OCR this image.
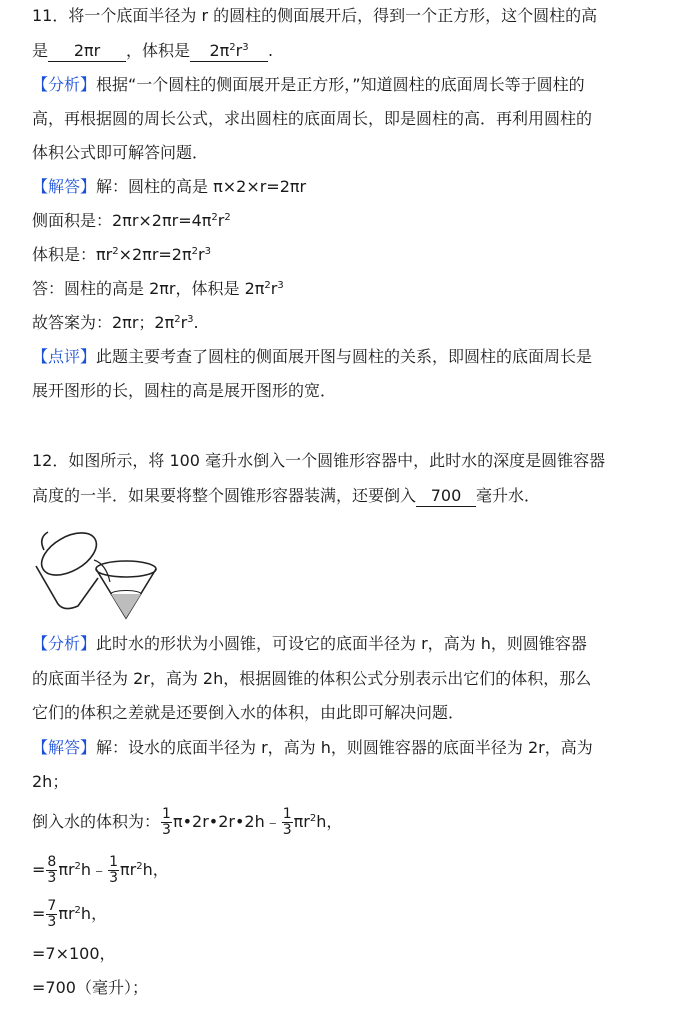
11．将一个底面半径为 r 的圆柱的侧面展开后，得到一个正方形，这个圆柱的高
是 2πr ，体积是 $2\pi^2r^3$ .
【分析】根据“一个圆柱的侧面展开是正方形，”知道圆柱的底面周长等于圆柱的
高，再根据圆的周长公式，求出圆柱的底面周长，即是圆柱的高．再利用圆柱的
体积公式即可解答问题．
【解答】解：圆柱的高是 π×2×r=2πr
侧面积是：$2\pi r\times 2\pi r=4\pi^2r^2$
体积是：$\pi r^2\times 2\pi r=2\pi^2r^3$
答：圆柱的高是 2πr，体积是 $2\pi^2r^3$
故答案为：2πr；$2\pi^2r^3$.
【点评】此题主要考查了圆柱的侧面展开图与圆柱的关系，即圆柱的底面周长是
展开图形的长，圆柱的高是展开图形的宽．
12．如图所示，将 100 毫升水倒入一个圆锥形容器中，此时水的深度是圆锥容器
高度的一半．如果要将整个圆锥形容器装满，还要倒入 700 毫升水．
【分析】此时水的形状为小圆锥，可设它的底面半径为 r，高为 h，则圆锥容器
的底面半径为 2r，高为 2h，根据圆锥的体积公式分别表示出它们的体积，那么
它们的体积之差就是还要倒入水的体积，由此即可解决问题．
【解答】解：设水的底面半径为 r，高为 h，则圆锥容器的底面半径为 2r，高为
2h；
倒入水的体积为： $\frac{1}{3}$ π•2r•2r•2h﹣ $\frac{1}{3} \pi r^2h$，
= $\frac{8}{3}$ $\pi r^2h﹣ \frac{1}{3} \pi r^2h$，
= $\frac{7}{3} \pi r^2h$，
=7×100，
=700（毫升）；
